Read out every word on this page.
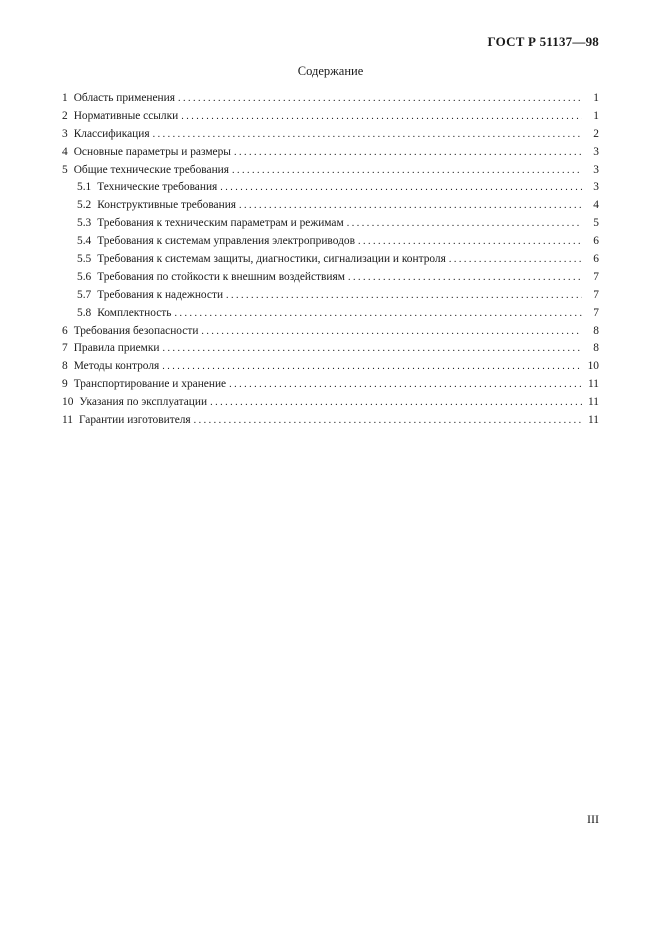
ГОСТ Р 51137—98
Содержание
1 Область применения . . .	1
2 Нормативные ссылки . . .	1
3 Классификация . . .	2
4 Основные параметры и размеры . . .	3
5 Общие технические требования . . .	3
5.1 Технические требования . . .	3
5.2 Конструктивные требования . . .	4
5.3 Требования к техническим параметрам и режимам . . .	5
5.4 Требования к системам управления электроприводов . . .	6
5.5 Требования к системам защиты, диагностики, сигнализации и контроля . . .	6
5.6 Требования по стойкости к внешним воздействиям . . .	7
5.7 Требования к надежности . . .	7
5.8 Комплектность . . .	7
6 Требования безопасности . . .	8
7 Правила приемки . . .	8
8 Методы контроля . . .	10
9 Транспортирование и хранение . . .	11
10 Указания по эксплуатации . . .	11
11 Гарантии изготовителя . . .	11
III
